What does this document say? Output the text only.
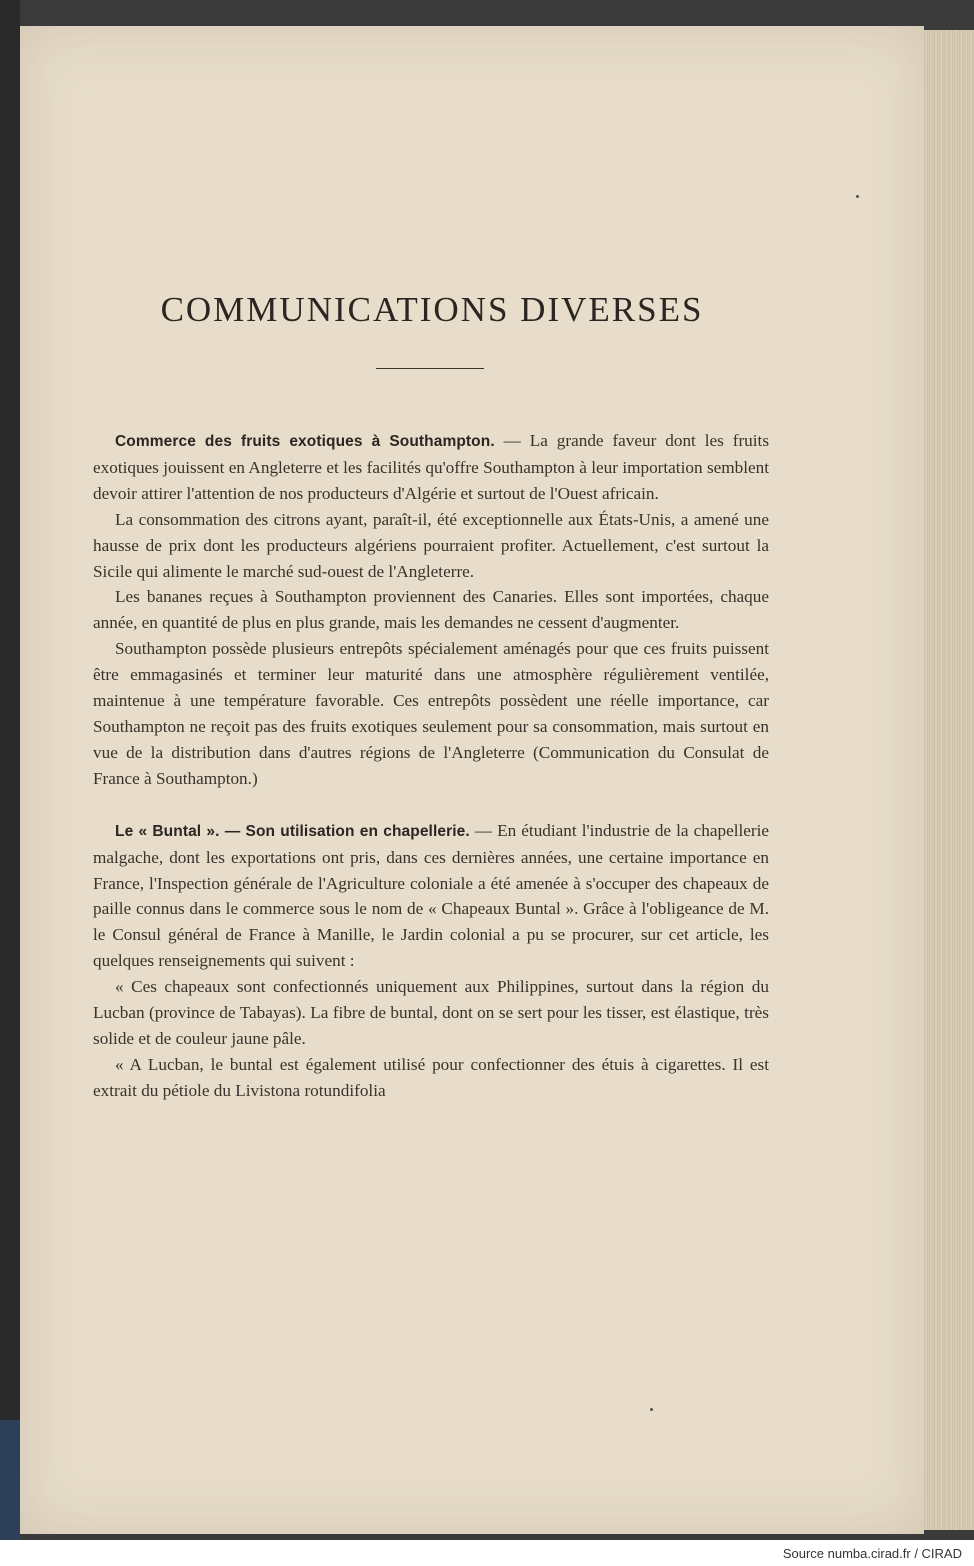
COMMUNICATIONS DIVERSES

Commerce des fruits exotiques à Southampton. — La grande faveur dont les fruits exotiques jouissent en Angleterre et les facilités qu'offre Southampton à leur importation semblent devoir attirer l'attention de nos producteurs d'Algérie et surtout de l'Ouest africain.

La consommation des citrons ayant, paraît-il, été exceptionnelle aux États-Unis, a amené une hausse de prix dont les producteurs algériens pourraient profiter. Actuellement, c'est surtout la Sicile qui alimente le marché sud-ouest de l'Angleterre.

Les bananes reçues à Southampton proviennent des Canaries. Elles sont importées, chaque année, en quantité de plus en plus grande, mais les demandes ne cessent d'augmenter.

Southampton possède plusieurs entrepôts spécialement aménagés pour que ces fruits puissent être emmagasinés et terminer leur maturité dans une atmosphère régulièrement ventilée, maintenue à une température favorable. Ces entrepôts possèdent une réelle importance, car Southampton ne reçoit pas des fruits exotiques seulement pour sa consommation, mais surtout en vue de la distribution dans d'autres régions de l'Angleterre (Communication du Consulat de France à Southampton.)

Le « Buntal ». — Son utilisation en chapellerie. — En étudiant l'industrie de la chapellerie malgache, dont les exportations ont pris, dans ces dernières années, une certaine importance en France, l'Inspection générale de l'Agriculture coloniale a été amenée à s'occuper des chapeaux de paille connus dans le commerce sous le nom de « Chapeaux Buntal ». Grâce à l'obligeance de M. le Consul général de France à Manille, le Jardin colonial a pu se procurer, sur cet article, les quelques renseignements qui suivent :

« Ces chapeaux sont confectionnés uniquement aux Philippines, surtout dans la région du Lucban (province de Tabayas). La fibre de buntal, dont on se sert pour les tisser, est élastique, très solide et de couleur jaune pâle.

« A Lucban, le buntal est également utilisé pour confectionner des étuis à cigarettes. Il est extrait du pétiole du Livistona rotundifolia

Source numba.cirad.fr / CIRAD
